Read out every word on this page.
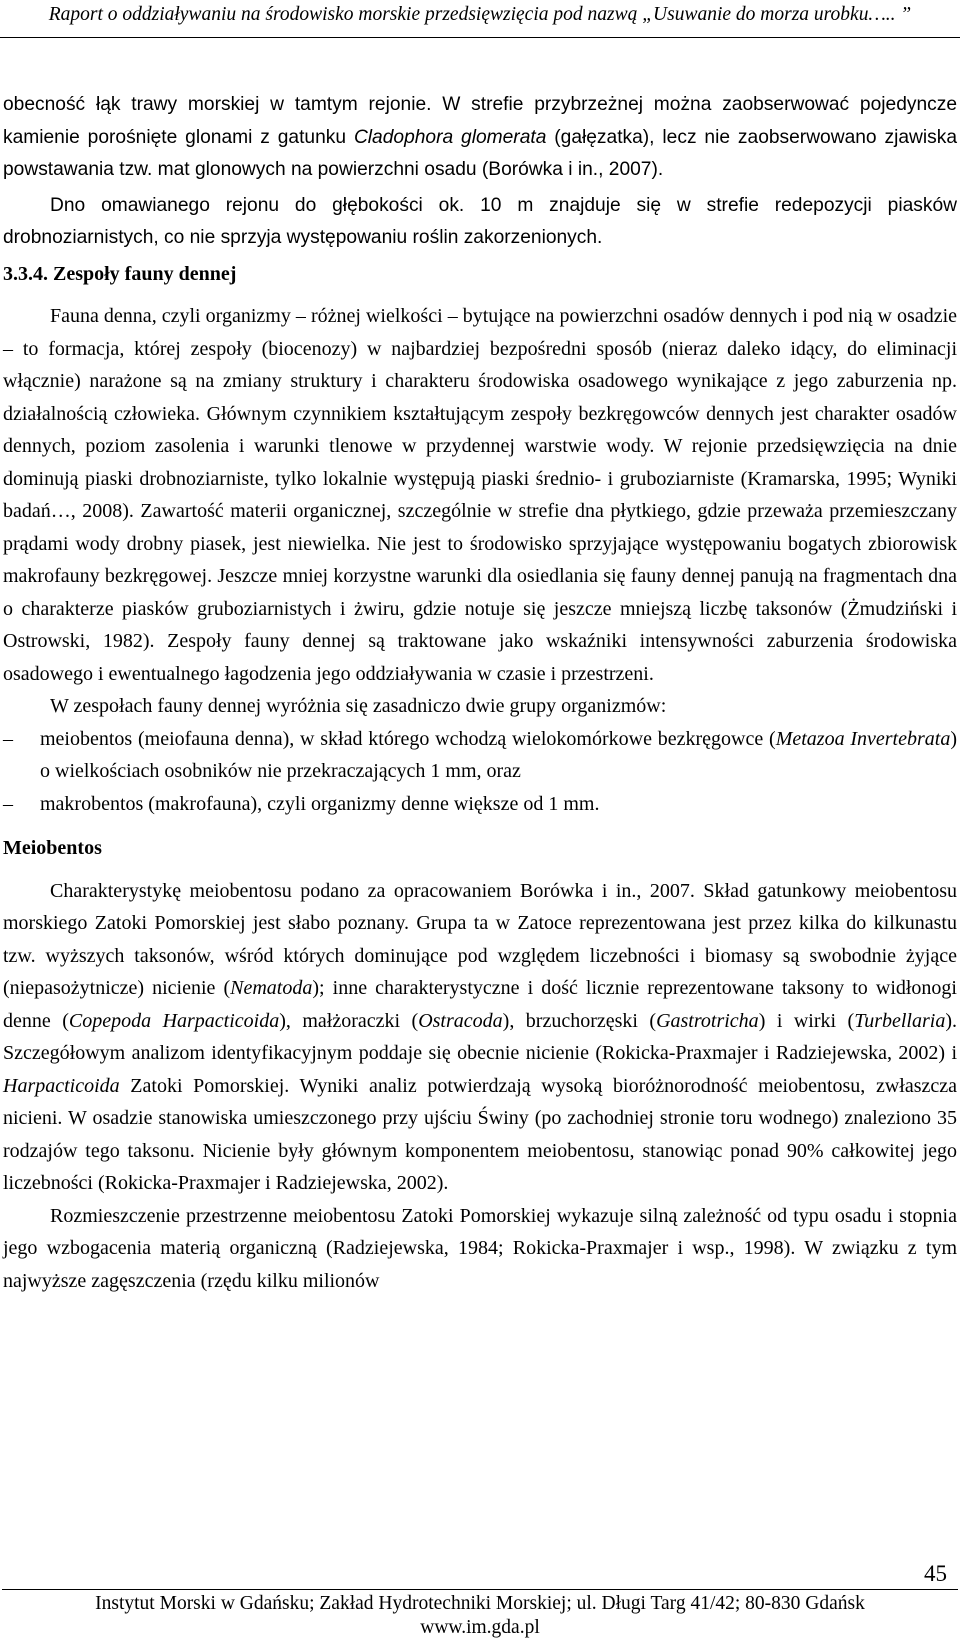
Raport o oddziaływaniu na środowisko morskie przedsięwzięcia pod nazwą „Usuwanie do morza urobku….. ”

obecność łąk trawy morskiej w tamtym rejonie. W strefie przybrzeżnej można zaobserwować pojedyncze kamienie porośnięte glonami z gatunku Cladophora glomerata (gałęzatka), lecz nie zaobserwowano zjawiska powstawania tzw. mat glonowych na powierzchni osadu (Borówka i in., 2007).

Dno omawianego rejonu do głębokości ok. 10 m znajduje się w strefie redepozycji piasków drobnoziarnistych, co nie sprzyja występowaniu roślin zakorzenionych.

3.3.4. Zespoły fauny dennej

Fauna denna, czyli organizmy – różnej wielkości – bytujące na powierzchni osadów dennych i pod nią w osadzie – to formacja, której zespoły (biocenozy) w najbardziej bezpośredni sposób (nieraz daleko idący, do eliminacji włącznie) narażone są na zmiany struktury i charakteru środowiska osadowego wynikające z jego zaburzenia np. działalnością człowieka. Głównym czynnikiem kształtującym zespoły bezkręgowców dennych jest charakter osadów dennych, poziom zasolenia i warunki tlenowe w przydennej warstwie wody. W rejonie przedsięwzięcia na dnie dominują piaski drobnoziarniste, tylko lokalnie występują piaski średnio- i gruboziarniste (Kramarska, 1995; Wyniki badań…, 2008). Zawartość materii organicznej, szczególnie w strefie dna płytkiego, gdzie przeważa przemieszczany prądami wody drobny piasek, jest niewielka. Nie jest to środowisko sprzyjające występowaniu bogatych zbiorowisk makrofauny bezkręgowej. Jeszcze mniej korzystne warunki dla osiedlania się fauny dennej panują na fragmentach dna o charakterze piasków gruboziarnistych i żwiru, gdzie notuje się jeszcze mniejszą liczbę taksonów (Żmudziński i Ostrowski, 1982). Zespoły fauny dennej są traktowane jako wskaźniki intensywności zaburzenia środowiska osadowego i ewentualnego łagodzenia jego oddziaływania w czasie i przestrzeni.

W zespołach fauny dennej wyróżnia się zasadniczo dwie grupy organizmów:

– meiobentos (meiofauna denna), w skład którego wchodzą wielokomórkowe bezkręgowce (Metazoa Invertebrata) o wielkościach osobników nie przekraczających 1 mm, oraz

– makrobentos (makrofauna), czyli organizmy denne większe od 1 mm.

Meiobentos

Charakterystykę meiobentosu podano za opracowaniem Borówka i in., 2007. Skład gatunkowy meiobentosu morskiego Zatoki Pomorskiej jest słabo poznany. Grupa ta w Zatoce reprezentowana jest przez kilka do kilkunastu tzw. wyższych taksonów, wśród których dominujące pod względem liczebności i biomasy są swobodnie żyjące (niepasożytnicze) nicienie (Nematoda); inne charakterystyczne i dość licznie reprezentowane taksony to widłonogi denne (Copepoda Harpacticoida), małżoraczki (Ostracoda), brzuchorzęski (Gastrotricha) i wirki (Turbellaria). Szczegółowym analizom identyfikacyjnym poddaje się obecnie nicienie (Rokicka-Praxmajer i Radziejewska, 2002) i Harpacticoida Zatoki Pomorskiej. Wyniki analiz potwierdzają wysoką bioróżnorodność meiobentosu, zwłaszcza nicieni. W osadzie stanowiska umieszczonego przy ujściu Świny (po zachodniej stronie toru wodnego) znaleziono 35 rodzajów tego taksonu. Nicienie były głównym komponentem meiobentosu, stanowiąc ponad 90% całkowitej jego liczebności (Rokicka-Praxmajer i Radziejewska, 2002).

Rozmieszczenie przestrzenne meiobentosu Zatoki Pomorskiej wykazuje silną zależność od typu osadu i stopnia jego wzbogacenia materią organiczną (Radziejewska, 1984; Rokicka-Praxmajer i wsp., 1998). W związku z tym najwyższe zagęszczenia (rzędu kilku milionów

45
Instytut Morski w Gdańsku; Zakład Hydrotechniki Morskiej; ul. Długi Targ 41/42; 80-830 Gdańsk
www.im.gda.pl
